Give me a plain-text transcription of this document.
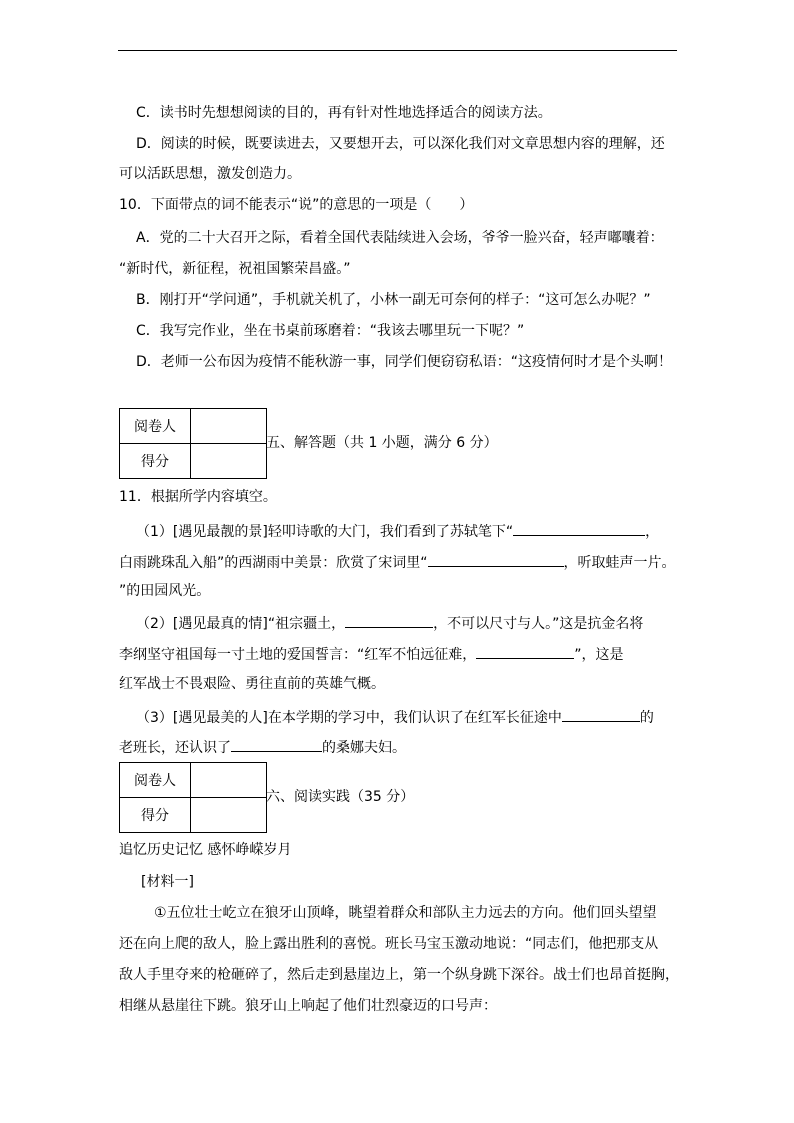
C．读书时先想想阅读的目的，再有针对性地选择适合的阅读方法。
D．阅读的时候，既要读进去，又要想开去，可以深化我们对文章思想内容的理解，还
可以活跃思想，激发创造力。
10．下面带点的词不能表示“说”的意思的一项是（　　）
A．党的二十大召开之际，看着全国代表陆续进入会场，爷爷一脸兴奋，轻声嘟囔着：
“新时代，新征程，祝祖国繁荣昌盛。”
B．刚打开“学问通”，手机就关机了，小林一副无可奈何的样子：“这可怎么办呢？”
C．我写完作业，坐在书桌前琢磨着：“我该去哪里玩一下呢？”
D．老师一公布因为疫情不能秋游一事，同学们便窃窃私语：“这疫情何时才是个头啊！
阅卷人	
得分	
五、解答题（共 1 小题，满分 6 分）
11．根据所学内容填空。
（1）[遇见最靓的景]轻叩诗歌的大门，我们看到了苏轼笔下“	，
白雨跳珠乱入船”的西湖雨中美景：欣赏了宋词里“	，听取蛙声一片。
”的田园风光。
（2）[遇见最真的情]“祖宗疆土，	，不可以尺寸与人。”这是抗金名将
李纲坚守祖国每一寸土地的爱国誓言：“红军不怕远征难，	”，这是
红军战士不畏艰险、勇往直前的英雄气概。
（3）[遇见最美的人]在本学期的学习中，我们认识了在红军长征途中	的
老班长，还认识了	的桑娜夫妇。
阅卷人	
得分	
六、阅读实践（35 分）
追忆历史记忆 感怀峥嵘岁月
[材料一]
①五位壮士屹立在狼牙山顶峰，眺望着群众和部队主力远去的方向。他们回头望望
还在向上爬的敌人，脸上露出胜利的喜悦。班长马宝玉激动地说：“同志们，他把那支从
敌人手里夺来的枪砸碎了，然后走到悬崖边上，第一个纵身跳下深谷。战士们也昂首挺胸，
相继从悬崖往下跳。狼牙山上响起了他们壮烈豪迈的口号声：
